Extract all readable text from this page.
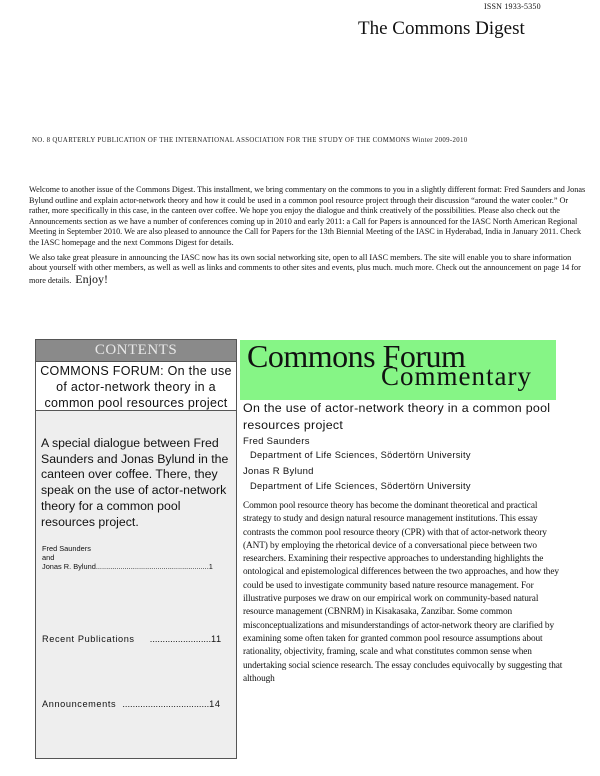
ISSN 1933-5350
The Commons Digest
NO. 8 QUARTERLY PUBLICATION OF THE INTERNATIONAL ASSOCIATION FOR THE STUDY OF THE COMMONS Winter 2009-2010

Welcome to another issue of the Commons Digest. This installment, we bring commentary on the commons to you in a slightly different format: Fred Saunders and Jonas Bylund outline and explain actor-network theory and how it could be used in a common pool resource project through their discussion “around the water cooler.” Or rather, more specifically in this case, in the canteen over coffee. We hope you enjoy the dialogue and think creatively of the possibilities. Please also check out the Announcements section as we have a number of conferences coming up in 2010 and early 2011: a Call for Papers is announced for the IASC North American Regional Meeting in September 2010. We are also pleased to announce the Call for Papers for the 13th Biennial Meeting of the IASC in Hyderabad, India in January 2011. Check the IASC homepage and the next Commons Digest for details.

We also take great pleasure in announcing the IASC now has its own social networking site, open to all IASC members. The site will enable you to share information about yourself with other members, as well as well as links and comments to other sites and events, plus much. much more. Check out the announcement on page 14 for more details. Enjoy!

CONTENTS
COMMONS FORUM: On the use of actor-network theory in a common pool resources project
A special dialogue between Fred Saunders and Jonas Bylund in the canteen over coffee. There, they speak on the use of actor-network theory for a common pool resources project.
Fred Saunders
and
Jonas R. Bylund.......................................................1
Recent Publications ........................11
Announcements ..................................14
Commons Forum
Commentary
On the use of actor-network theory in a common pool resources project
Fred Saunders
Department of Life Sciences, Södertörn University
Jonas R Bylund
Department of Life Sciences, Södertörn University
Common pool resource theory has become the dominant theoretical and practical strategy to study and design natural resource management institutions. This essay contrasts the common pool resource theory (CPR) with that of actor-network theory (ANT) by employing the rhetorical device of a conversational piece between two researchers. Examining their respective approaches to understanding highlights the ontological and epistemological differences between the two approaches, and how they could be used to investigate community based nature resource management. For illustrative purposes we draw on our empirical work on community-based natural resource management (CBNRM) in Kisakasaka, Zanzibar. Some common misconceptualizations and misunderstandings of actor-network theory are clarified by examining some often taken for granted common pool resource assumptions about rationality, objectivity, framing, scale and what constitutes common sense when undertaking social science research. The essay concludes equivocally by suggesting that although
